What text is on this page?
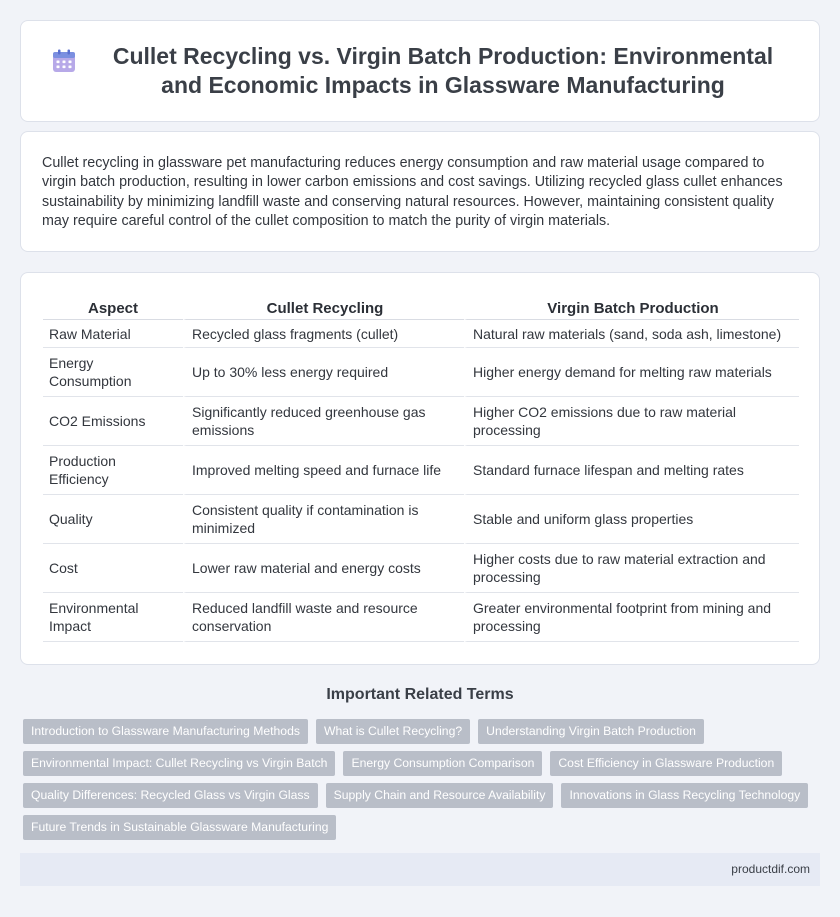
Cullet Recycling vs. Virgin Batch Production: Environmental and Economic Impacts in Glassware Manufacturing

Cullet recycling in glassware pet manufacturing reduces energy consumption and raw material usage compared to virgin batch production, resulting in lower carbon emissions and cost savings. Utilizing recycled glass cullet enhances sustainability by minimizing landfill waste and conserving natural resources. However, maintaining consistent quality may require careful control of the cullet composition to match the purity of virgin materials.

Aspect	Cullet Recycling	Virgin Batch Production
Raw Material	Recycled glass fragments (cullet)	Natural raw materials (sand, soda ash, limestone)
Energy Consumption	Up to 30% less energy required	Higher energy demand for melting raw materials
CO2 Emissions	Significantly reduced greenhouse gas emissions	Higher CO2 emissions due to raw material processing
Production Efficiency	Improved melting speed and furnace life	Standard furnace lifespan and melting rates
Quality	Consistent quality if contamination is minimized	Stable and uniform glass properties
Cost	Lower raw material and energy costs	Higher costs due to raw material extraction and processing
Environmental Impact	Reduced landfill waste and resource conservation	Greater environmental footprint from mining and processing
Important Related Terms
Introduction to Glassware Manufacturing Methods	What is Cullet Recycling?	Understanding Virgin Batch Production
Environmental Impact: Cullet Recycling vs Virgin Batch	Energy Consumption Comparison	Cost Efficiency in Glassware Production
Quality Differences: Recycled Glass vs Virgin Glass	Supply Chain and Resource Availability	Innovations in Glass Recycling Technology
Future Trends in Sustainable Glassware Manufacturing
productdif.com
